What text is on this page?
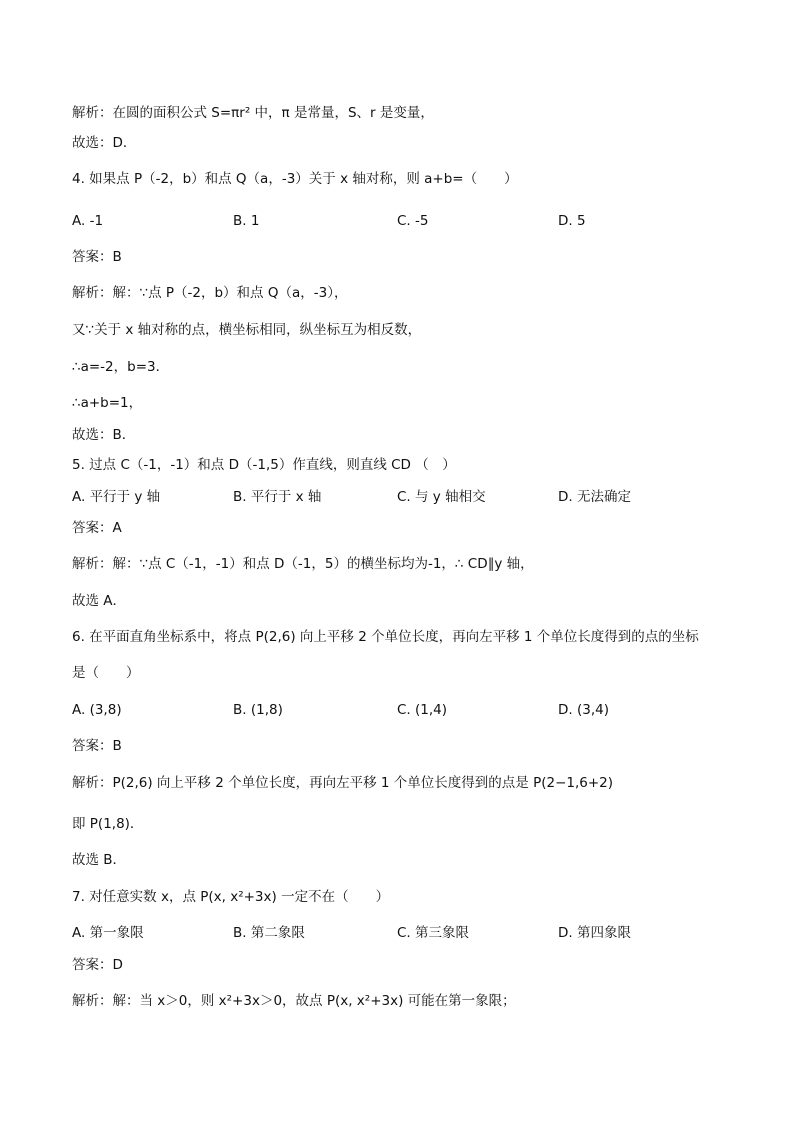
解析：在圆的面积公式 S=πr² 中，π 是常量，S、r 是变量，
故选：D．
4. 如果点 P（-2，b）和点 Q（a，-3）关于 x 轴对称，则 a+b=（　　）
A. -1	B. 1	C. -5	D. 5
答案：B
解析：解：∵点 P（-2，b）和点 Q（a，-3），
又∵关于 x 轴对称的点，横坐标相同，纵坐标互为相反数，
∴a=-2，b=3．
∴a+b=1，
故选：B．
5. 过点 C（-1，-1）和点 D（-1,5）作直线，则直线 CD （　）
A. 平行于 y 轴	B. 平行于 x 轴	C. 与 y 轴相交	D. 无法确定
答案：A
解析：解：∵点 C（-1，-1）和点 D（-1，5）的横坐标均为-1，∴ CD∥y 轴，
故选 A．
6. 在平面直角坐标系中，将点 P(2,6) 向上平移 2 个单位长度，再向左平移 1 个单位长度得到的点的坐标
是（　　）
A. (3,8)	B. (1,8)	C. (1,4)	D. (3,4)
答案：B
解析：P(2,6) 向上平移 2 个单位长度，再向左平移 1 个单位长度得到的点是 P(2−1,6+2)
即 P(1,8)．
故选 B．
7. 对任意实数 x，点 P(x, x²+3x) 一定不在（　　）
A. 第一象限	B. 第二象限	C. 第三象限	D. 第四象限
答案：D
解析：解：当 x＞0，则 x²+3x＞0，故点 P(x, x²+3x) 可能在第一象限；
